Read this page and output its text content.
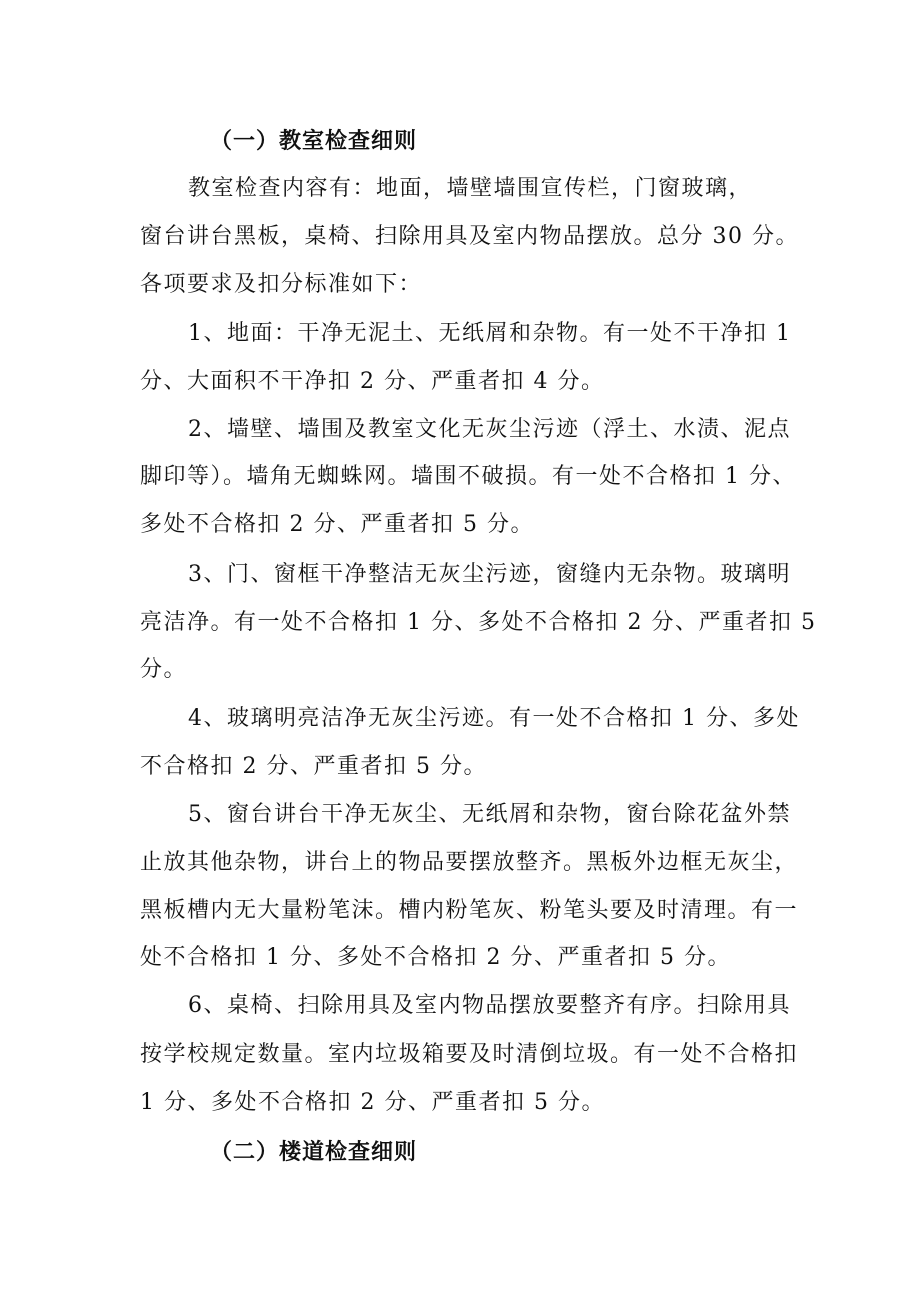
（一）教室检查细则
教室检查内容有：地面，墙壁墙围宣传栏，门窗玻璃，
窗台讲台黑板，桌椅、扫除用具及室内物品摆放。总分 30 分。
各项要求及扣分标准如下：
1、地面：干净无泥土、无纸屑和杂物。有一处不干净扣 1
分、大面积不干净扣 2 分、严重者扣 4 分。
2、墙壁、墙围及教室文化无灰尘污迹（浮土、水渍、泥点
脚印等）。墙角无蜘蛛网。墙围不破损。有一处不合格扣 1 分、
多处不合格扣 2 分、严重者扣 5 分。
3、门、窗框干净整洁无灰尘污迹，窗缝内无杂物。玻璃明
亮洁净。有一处不合格扣 1 分、多处不合格扣 2 分、严重者扣 5
分。
4、玻璃明亮洁净无灰尘污迹。有一处不合格扣 1 分、多处
不合格扣 2 分、严重者扣 5 分。
5、窗台讲台干净无灰尘、无纸屑和杂物，窗台除花盆外禁
止放其他杂物，讲台上的物品要摆放整齐。黑板外边框无灰尘，
黑板槽内无大量粉笔沫。槽内粉笔灰、粉笔头要及时清理。有一
处不合格扣 1 分、多处不合格扣 2 分、严重者扣 5 分。
6、桌椅、扫除用具及室内物品摆放要整齐有序。扫除用具
按学校规定数量。室内垃圾箱要及时清倒垃圾。有一处不合格扣
1 分、多处不合格扣 2 分、严重者扣 5 分。
（二）楼道检查细则
